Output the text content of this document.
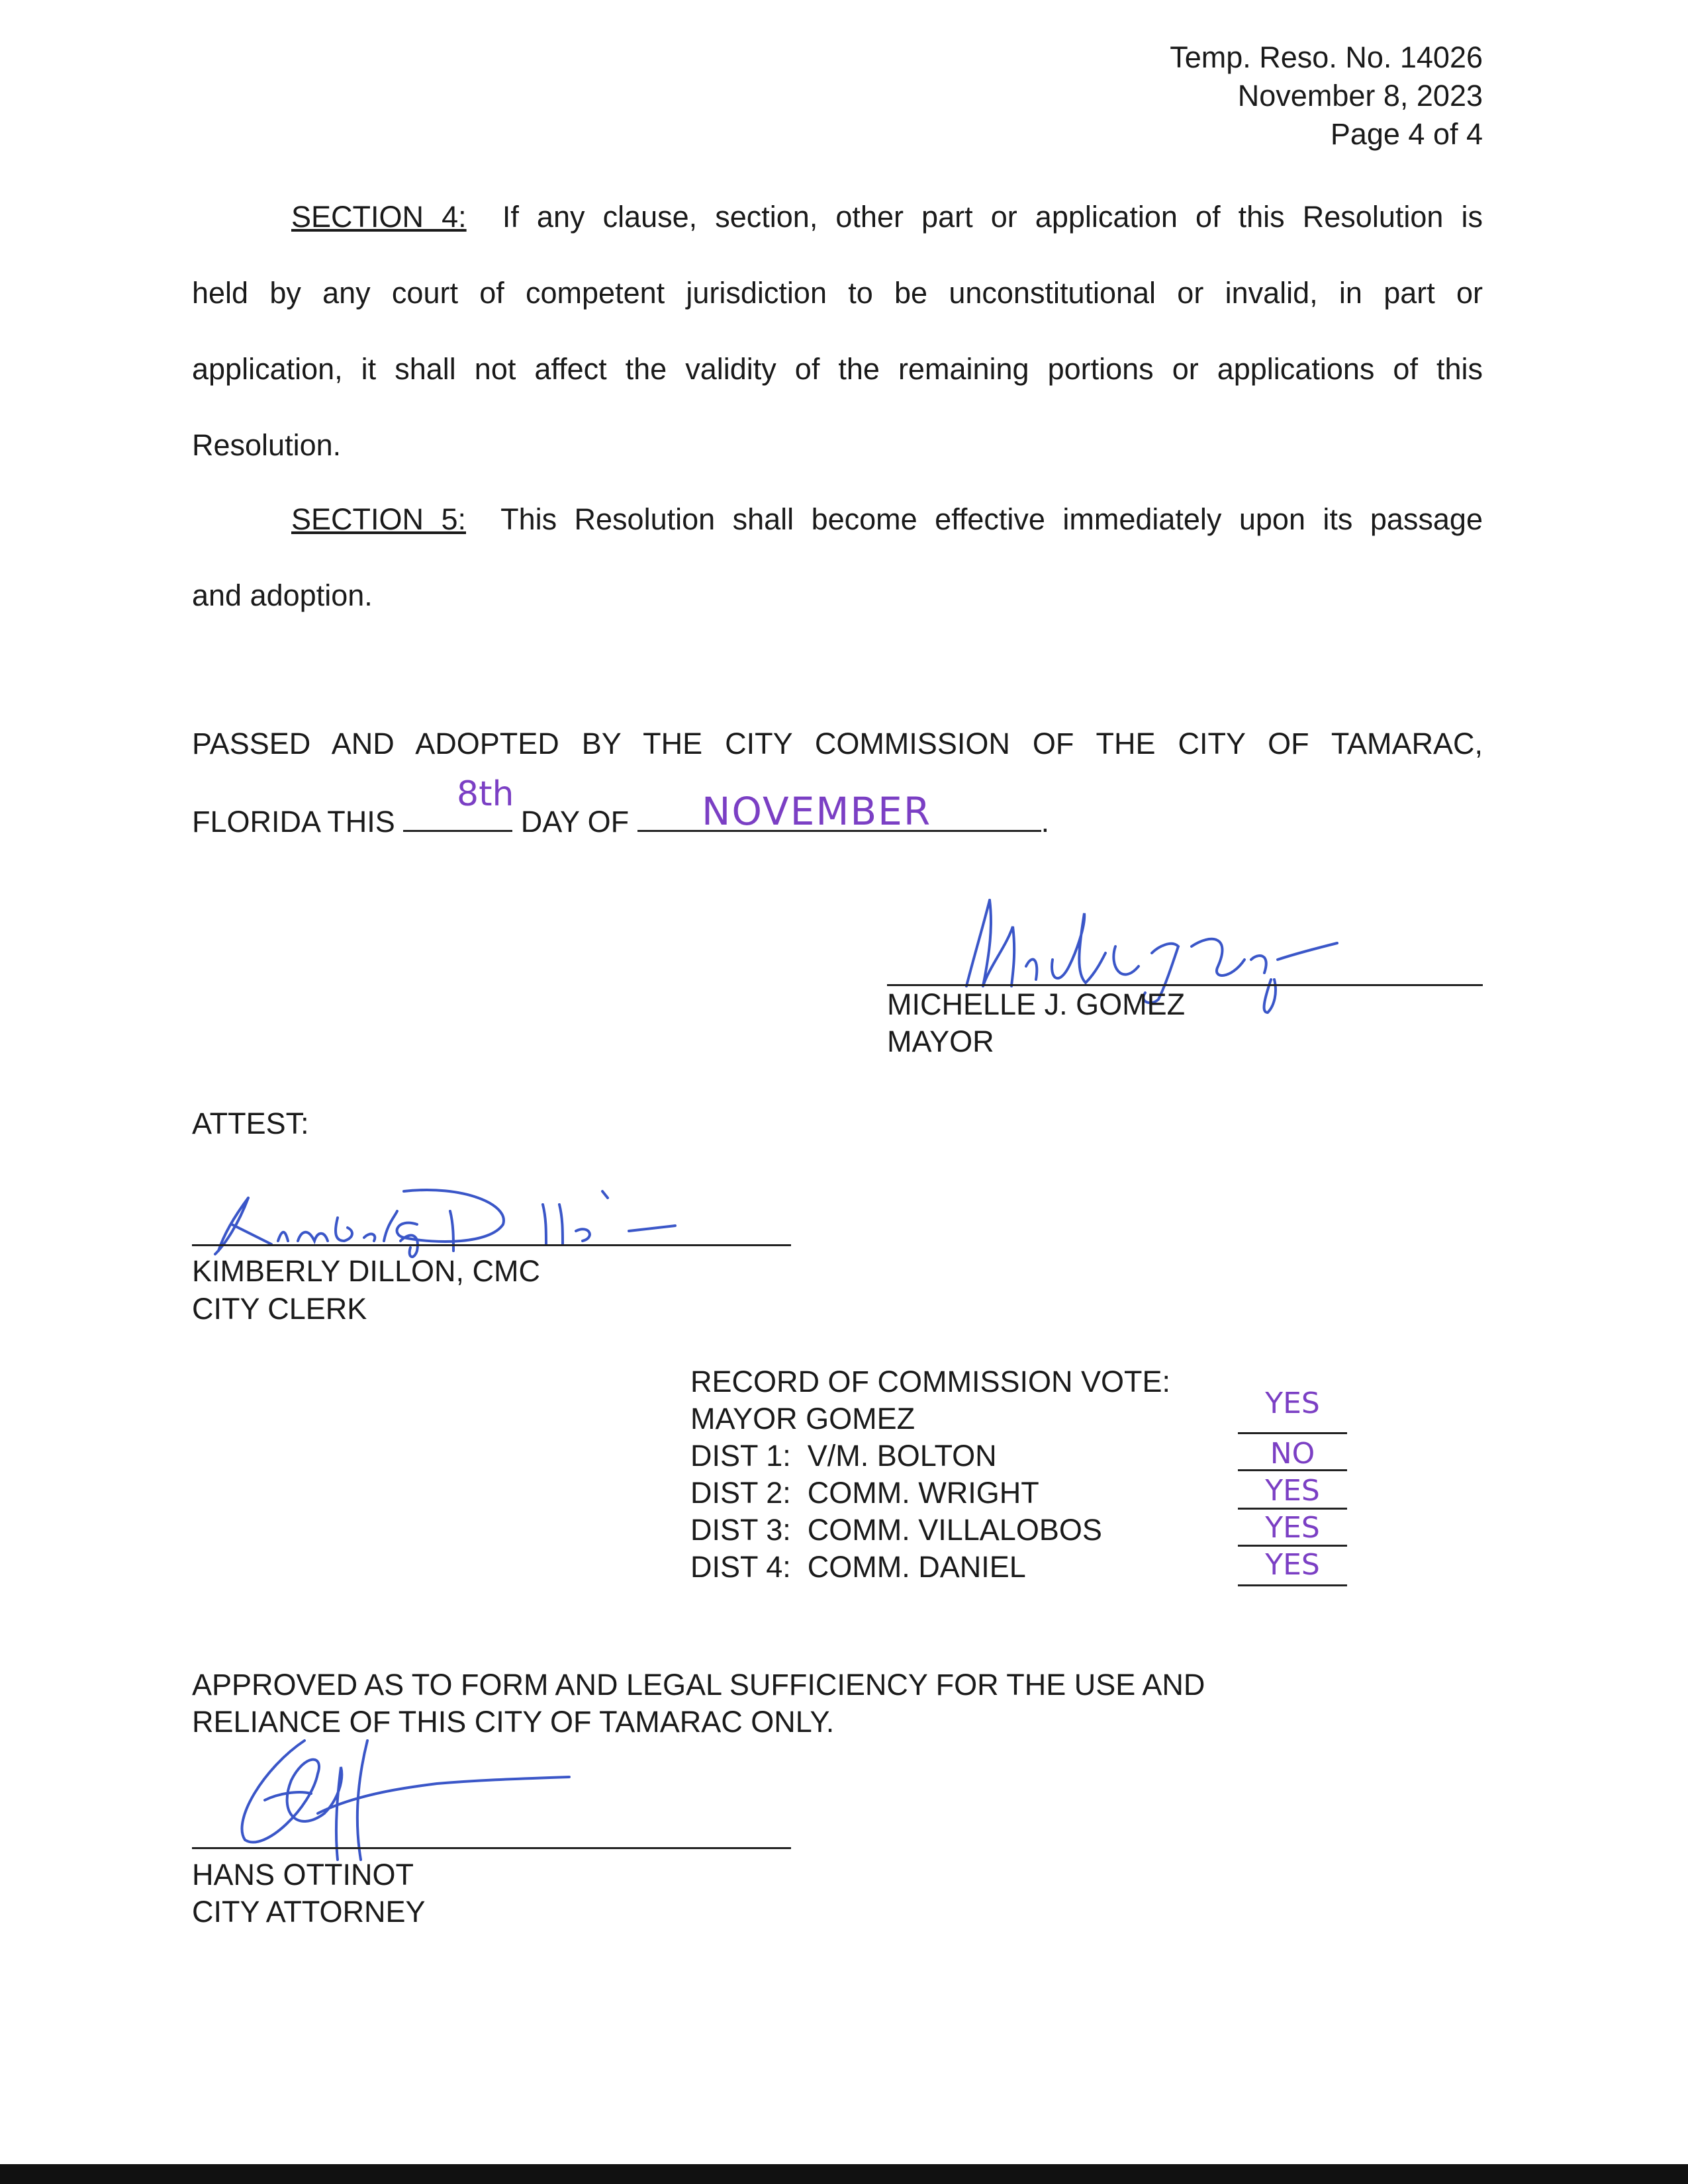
Temp. Reso. No. 14026
November 8, 2023
Page 4 of 4
SECTION 4: If any clause, section, other part or application of this Resolution is
held by any court of competent jurisdiction to be unconstitutional or invalid, in part or
application, it shall not affect the validity of the remaining portions or applications of this
Resolution.
SECTION 5: This Resolution shall become effective immediately upon its passage
and adoption.
PASSED AND ADOPTED BY THE CITY COMMISSION OF THE CITY OF TAMARAC,
FLORIDA THIS	DAY OF	.
8th	NOVEMBER
MICHELLE J. GOMEZ
MAYOR
ATTEST:
KIMBERLY DILLON, CMC
CITY CLERK
RECORD OF COMMISSION VOTE:
MAYOR GOMEZ	YES
DIST 1: V/M. BOLTON	NO
DIST 2: COMM. WRIGHT	YES
DIST 3: COMM. VILLALOBOS	YES
DIST 4: COMM. DANIEL	YES
APPROVED AS TO FORM AND LEGAL SUFFICIENCY FOR THE USE AND
RELIANCE OF THIS CITY OF TAMARAC ONLY.
HANS OTTINOT
CITY ATTORNEY
